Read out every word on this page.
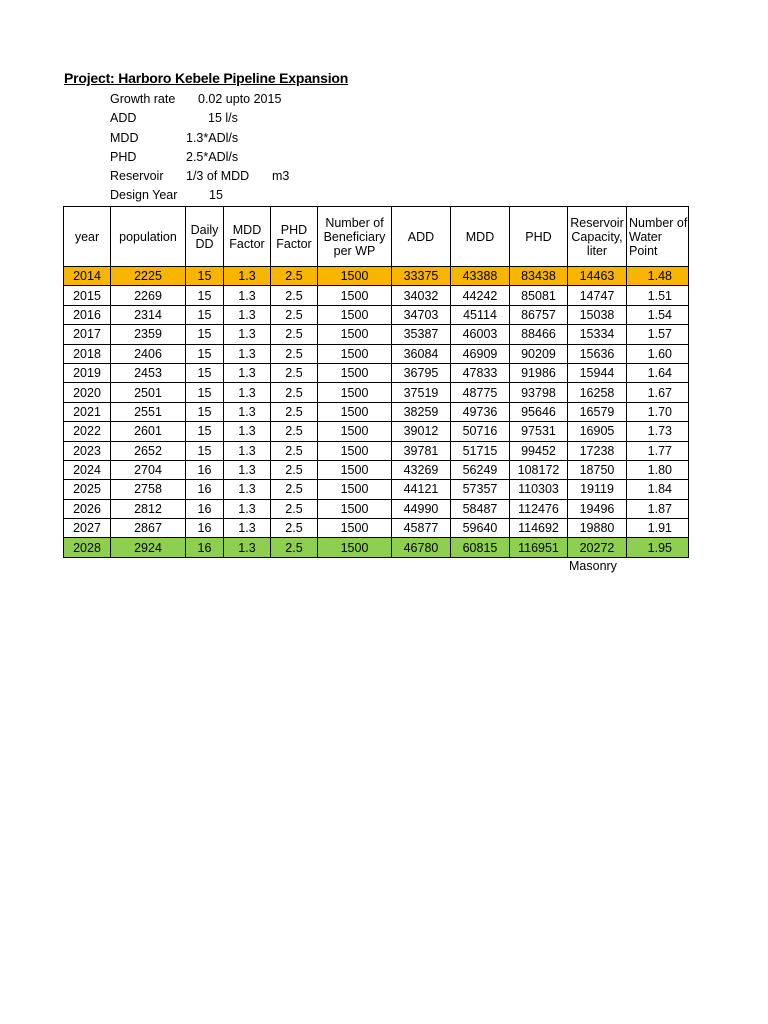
Project: Harboro Kebele Pipeline Expansion
Growth rate 0.02 upto 2015
ADD	15 l/s
MDD	1.3*ADl/s
PHD	2.5*ADl/s
Reservoir 1/3 of MDD m3
Design Year	15
year	population	Daily DD	MDD Factor	PHD Factor	Number of Beneficiary per WP	ADD	MDD	PHD	Reservoir Capacity, liter	Number of Water Point
2014	2225	15	1.3	2.5	1500	33375	43388	83438	14463	1.48
2015	2269	15	1.3	2.5	1500	34032	44242	85081	14747	1.51
2016	2314	15	1.3	2.5	1500	34703	45114	86757	15038	1.54
2017	2359	15	1.3	2.5	1500	35387	46003	88466	15334	1.57
2018	2406	15	1.3	2.5	1500	36084	46909	90209	15636	1.60
2019	2453	15	1.3	2.5	1500	36795	47833	91986	15944	1.64
2020	2501	15	1.3	2.5	1500	37519	48775	93798	16258	1.67
2021	2551	15	1.3	2.5	1500	38259	49736	95646	16579	1.70
2022	2601	15	1.3	2.5	1500	39012	50716	97531	16905	1.73
2023	2652	15	1.3	2.5	1500	39781	51715	99452	17238	1.77
2024	2704	16	1.3	2.5	1500	43269	56249	108172	18750	1.80
2025	2758	16	1.3	2.5	1500	44121	57357	110303	19119	1.84
2026	2812	16	1.3	2.5	1500	44990	58487	112476	19496	1.87
2027	2867	16	1.3	2.5	1500	45877	59640	114692	19880	1.91
2028	2924	16	1.3	2.5	1500	46780	60815	116951	20272	1.95
Masonry
